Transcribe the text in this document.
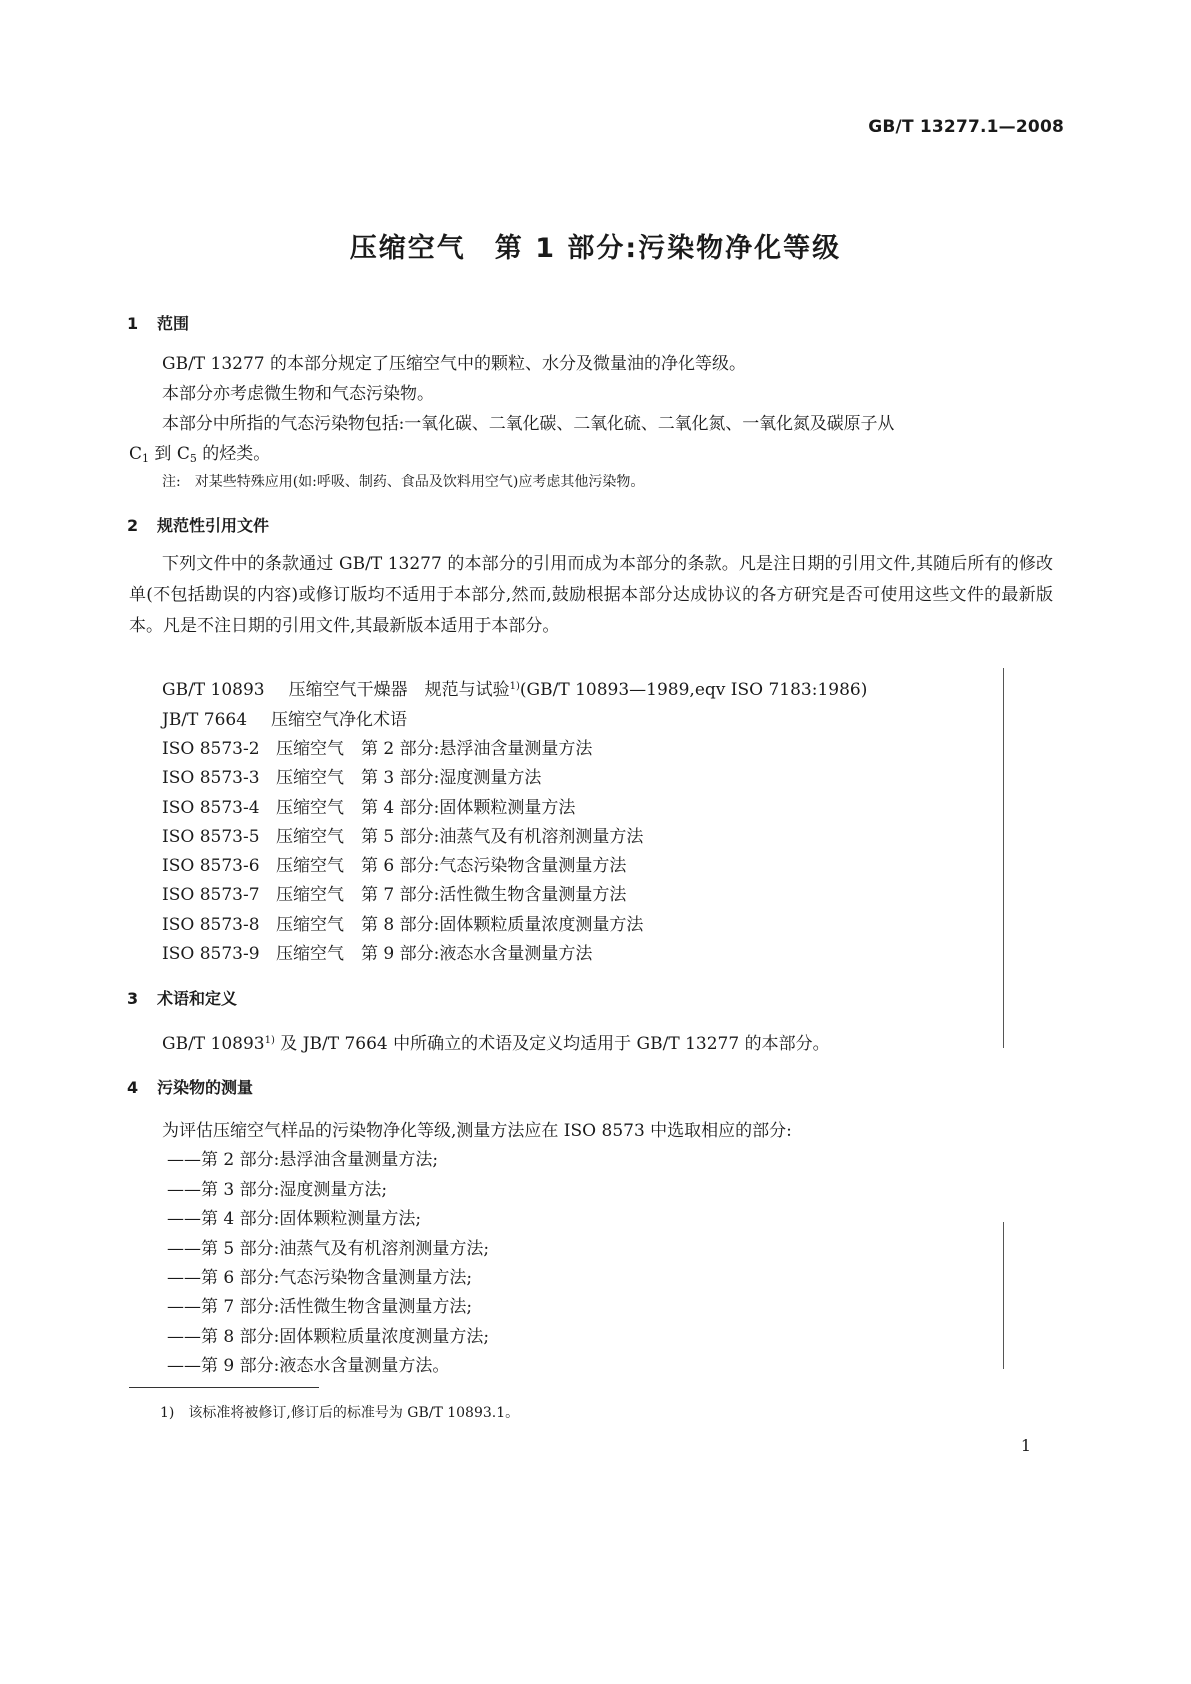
GB/T 13277.1—2008
压缩空气　第 1 部分:污染物净化等级
1 范围
GB/T 13277 的本部分规定了压缩空气中的颗粒、水分及微量油的净化等级。
本部分亦考虑微生物和气态污染物。
本部分中所指的气态污染物包括:一氧化碳、二氧化碳、二氧化硫、二氧化氮、一氧化氮及碳原子从
$C_1$ 到 $C_5$ 的烃类。
注:　对某些特殊应用(如:呼吸、制药、食品及饮料用空气)应考虑其他污染物。
2 规范性引用文件
下列文件中的条款通过 GB/T 13277 的本部分的引用而成为本部分的条款。凡是注日期的引用文件,其随后所有的修改单(不包括勘误的内容)或修订版均不适用于本部分,然而,鼓励根据本部分达成协议的各方研究是否可使用这些文件的最新版本。凡是不注日期的引用文件,其最新版本适用于本部分。
GB/T 10893 压缩空气干燥器　规范与试验$^{1)}$(GB/T 10893—1989,eqv ISO 7183:1986)
JB/T 7664 压缩空气净化术语
ISO 8573-2 压缩空气　第 2 部分:悬浮油含量测量方法
ISO 8573-3 压缩空气　第 3 部分:湿度测量方法
ISO 8573-4 压缩空气　第 4 部分:固体颗粒测量方法
ISO 8573-5 压缩空气　第 5 部分:油蒸气及有机溶剂测量方法
ISO 8573-6 压缩空气　第 6 部分:气态污染物含量测量方法
ISO 8573-7 压缩空气　第 7 部分:活性微生物含量测量方法
ISO 8573-8 压缩空气　第 8 部分:固体颗粒质量浓度测量方法
ISO 8573-9 压缩空气　第 9 部分:液态水含量测量方法
3 术语和定义
GB/T 10893$^{1)}$ 及 JB/T 7664 中所确立的术语及定义均适用于 GB/T 13277 的本部分。
4 污染物的测量
为评估压缩空气样品的污染物净化等级,测量方法应在 ISO 8573 中选取相应的部分:
——第 2 部分:悬浮油含量测量方法;
——第 3 部分:湿度测量方法;
——第 4 部分:固体颗粒测量方法;
——第 5 部分:油蒸气及有机溶剂测量方法;
——第 6 部分:气态污染物含量测量方法;
——第 7 部分:活性微生物含量测量方法;
——第 8 部分:固体颗粒质量浓度测量方法;
——第 9 部分:液态水含量测量方法。
1)　该标准将被修订,修订后的标准号为 GB/T 10893.1。
1
